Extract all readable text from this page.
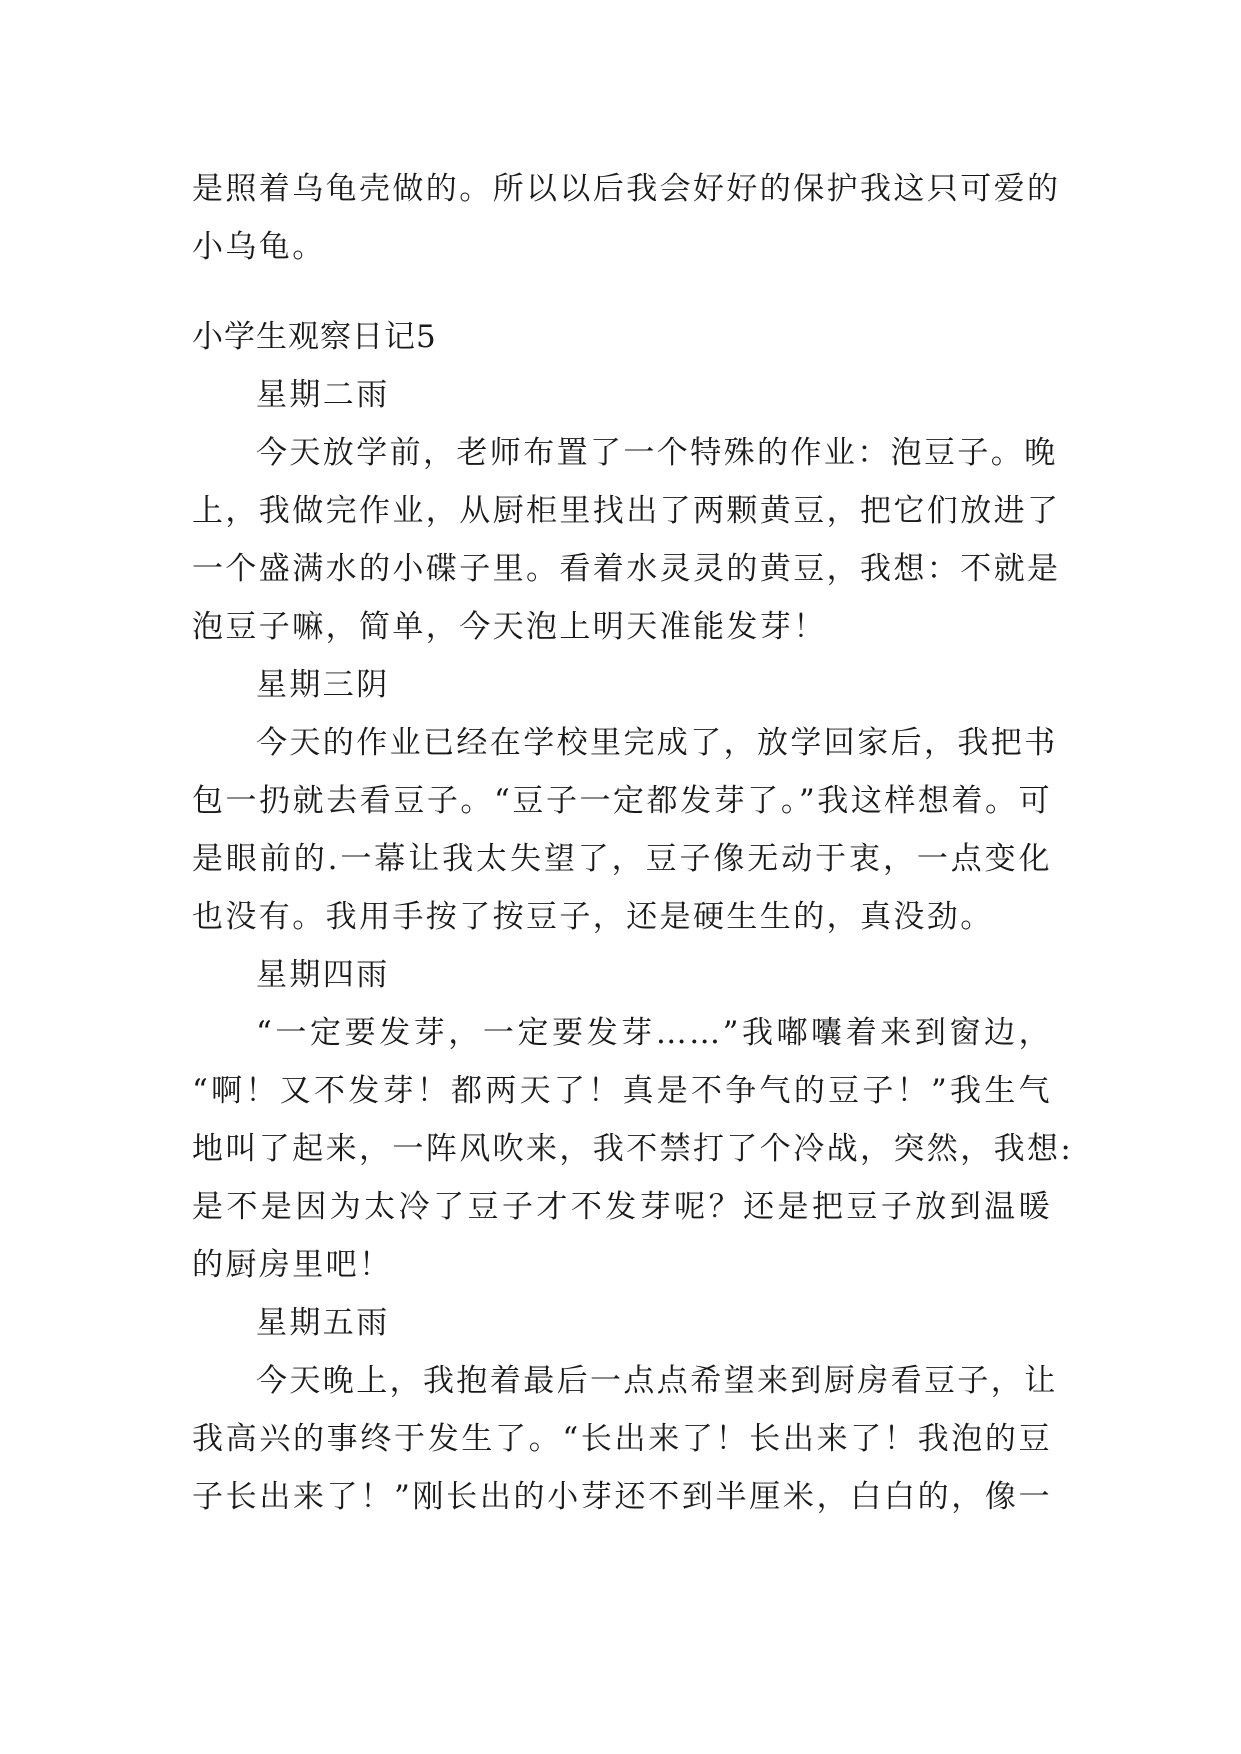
是照着乌龟壳做的。所以以后我会好好的保护我这只可爱的

小乌龟。

小学生观察日记5

星期二雨

今天放学前，老师布置了一个特殊的作业：泡豆子。晚

上，我做完作业，从厨柜里找出了两颗黄豆，把它们放进了

一个盛满水的小碟子里。看着水灵灵的黄豆，我想：不就是

泡豆子嘛，简单，今天泡上明天准能发芽！

星期三阴

今天的作业已经在学校里完成了，放学回家后，我把书

包一扔就去看豆子。“豆子一定都发芽了。”我这样想着。可

是眼前的.一幕让我太失望了，豆子像无动于衷，一点变化

也没有。我用手按了按豆子，还是硬生生的，真没劲。

星期四雨

“一定要发芽，一定要发芽……”我嘟囔着来到窗边，

“啊！又不发芽！都两天了！真是不争气的豆子！”我生气

地叫了起来，一阵风吹来，我不禁打了个冷战，突然，我想:

是不是因为太冷了豆子才不发芽呢？还是把豆子放到温暖

的厨房里吧！

星期五雨

今天晚上，我抱着最后一点点希望来到厨房看豆子，让

我高兴的事终于发生了。“长出来了！长出来了！我泡的豆

子长出来了！”刚长出的小芽还不到半厘米，白白的，像一
